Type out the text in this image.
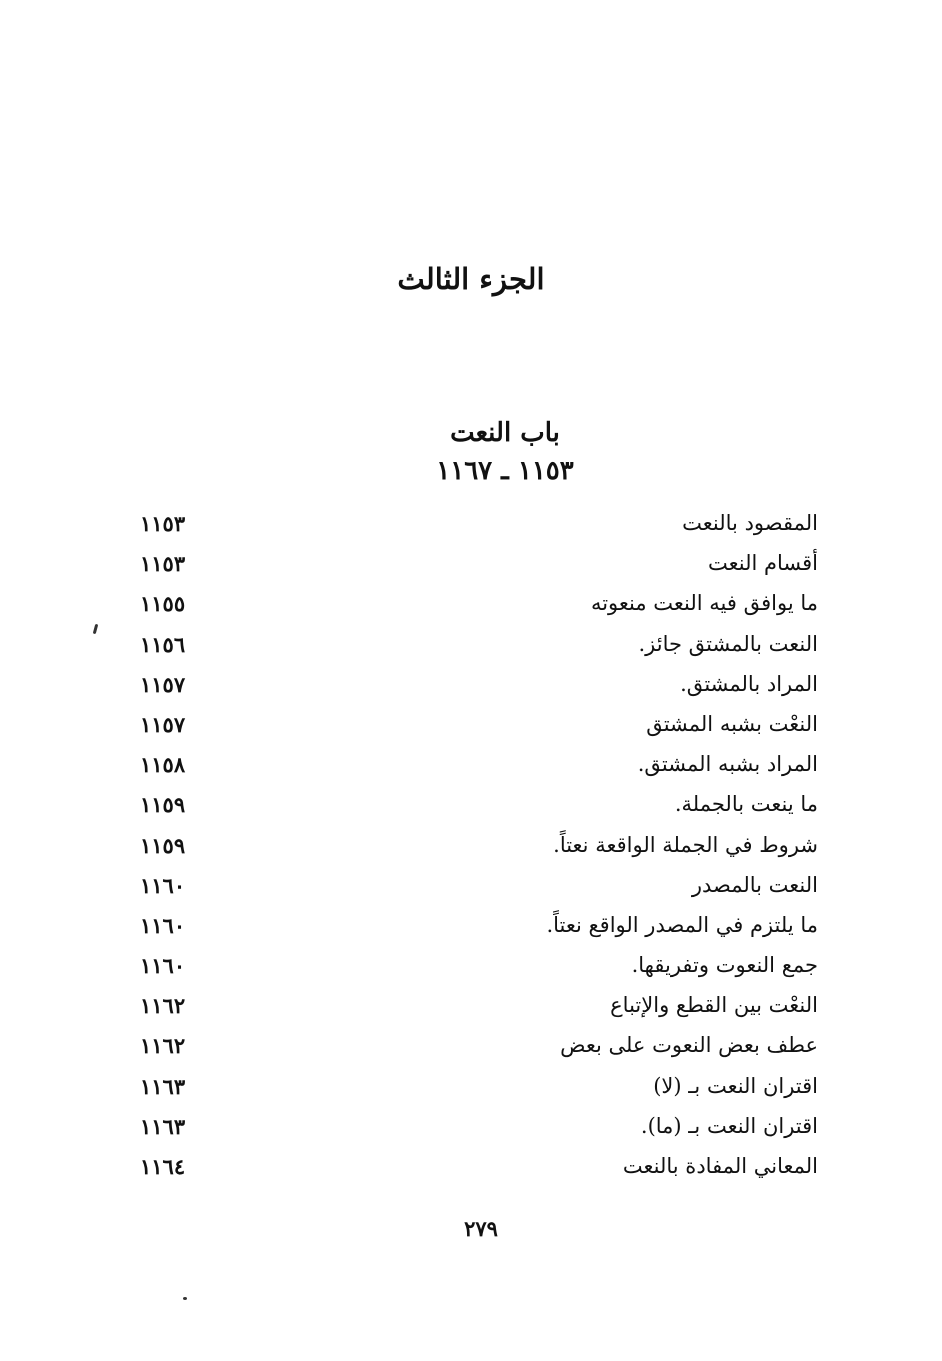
الجزء الثالث
باب النعت
١١٥٣ ـ ١١٦٧
المقصود بالنعت
١١٥٣
أقسام النعت
١١٥٣
ما يوافق فيه النعت منعوته
١١٥٥
النعت بالمشتق جائز.
١١٥٦
المراد بالمشتق.
١١٥٧
النعْت بشبه المشتق
١١٥٧
المراد بشبه المشتق.
١١٥٨
ما ينعت بالجملة.
١١٥٩
شروط في الجملة الواقعة نعتاً.
١١٥٩
النعت بالمصدر
١١٦٠
ما يلتزم في المصدر الواقع نعتاً.
١١٦٠
جمع النعوت وتفريقها.
١١٦٠
النعْت بين القطع والإتباع
١١٦٢
عطف بعض النعوت على بعض
١١٦٢
اقتران النعت بـ (لا)
١١٦٣
اقتران النعت بـ (ما).
١١٦٣
المعاني المفادة بالنعت
١١٦٤
٢٧٩
